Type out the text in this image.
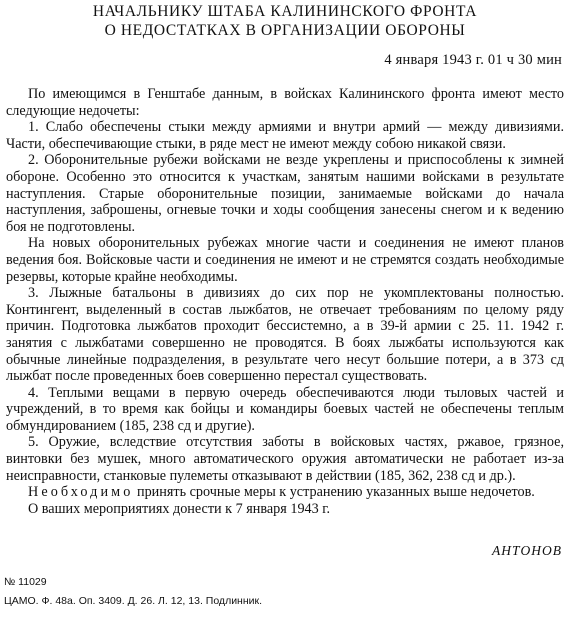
НАЧАЛЬНИКУ ШТАБА КАЛИНИНСКОГО ФРОНТА
О НЕДОСТАТКАХ В ОРГАНИЗАЦИИ ОБОРОНЫ
4 января 1943 г. 01 ч 30 мин

По имеющимся в Генштабе данным, в войсках Калининского фронта имеют место следующие недочеты:

1. Слабо обеспечены стыки между армиями и внутри армий — между дивизиями. Части, обеспечивающие стыки, в ряде мест не имеют между собою никакой связи.

2. Оборонительные рубежи войсками не везде укреплены и приспособлены к зимней обороне. Особенно это относится к участкам, занятым нашими войсками в результате наступления. Старые оборонительные позиции, занимаемые войсками до начала наступления, заброшены, огневые точки и ходы сообщения занесены снегом и к ведению боя не подготовлены.

На новых оборонительных рубежах многие части и соединения не имеют планов ведения боя. Войсковые части и соединения не имеют и не стремятся создать необходимые резервы, которые крайне необходимы.

3. Лыжные батальоны в дивизиях до сих пор не укомплектованы полностью. Контингент, выделенный в состав лыжбатов, не отвечает требованиям по целому ряду причин. Подготовка лыжбатов проходит бессистемно, а в 39-й армии с 25. 11. 1942 г. занятия с лыжбатами совершенно не проводятся. В боях лыжбаты используются как обычные линейные подразделения, в результате чего несут большие потери, а в 373 сд лыжбат после проведенных боев совершенно перестал существовать.

4. Теплыми вещами в первую очередь обеспечиваются люди тыловых частей и учреждений, в то время как бойцы и командиры боевых частей не обеспечены теплым обмундированием (185, 238 сд и другие).

5. Оружие, вследствие отсутствия заботы в войсковых частях, ржавое, грязное, винтовки без мушек, много автоматического оружия автоматически не работает из-за неисправности, станковые пулеметы отказывают в действии (185, 362, 238 сд и др.).

Необходимо принять срочные меры к устранению указанных выше недочетов.

О ваших мероприятиях донести к 7 января 1943 г.

АНТОНОВ
№ 11029
ЦАМО. Ф. 48а. Оп. 3409. Д. 26. Л. 12, 13. Подлинник.
